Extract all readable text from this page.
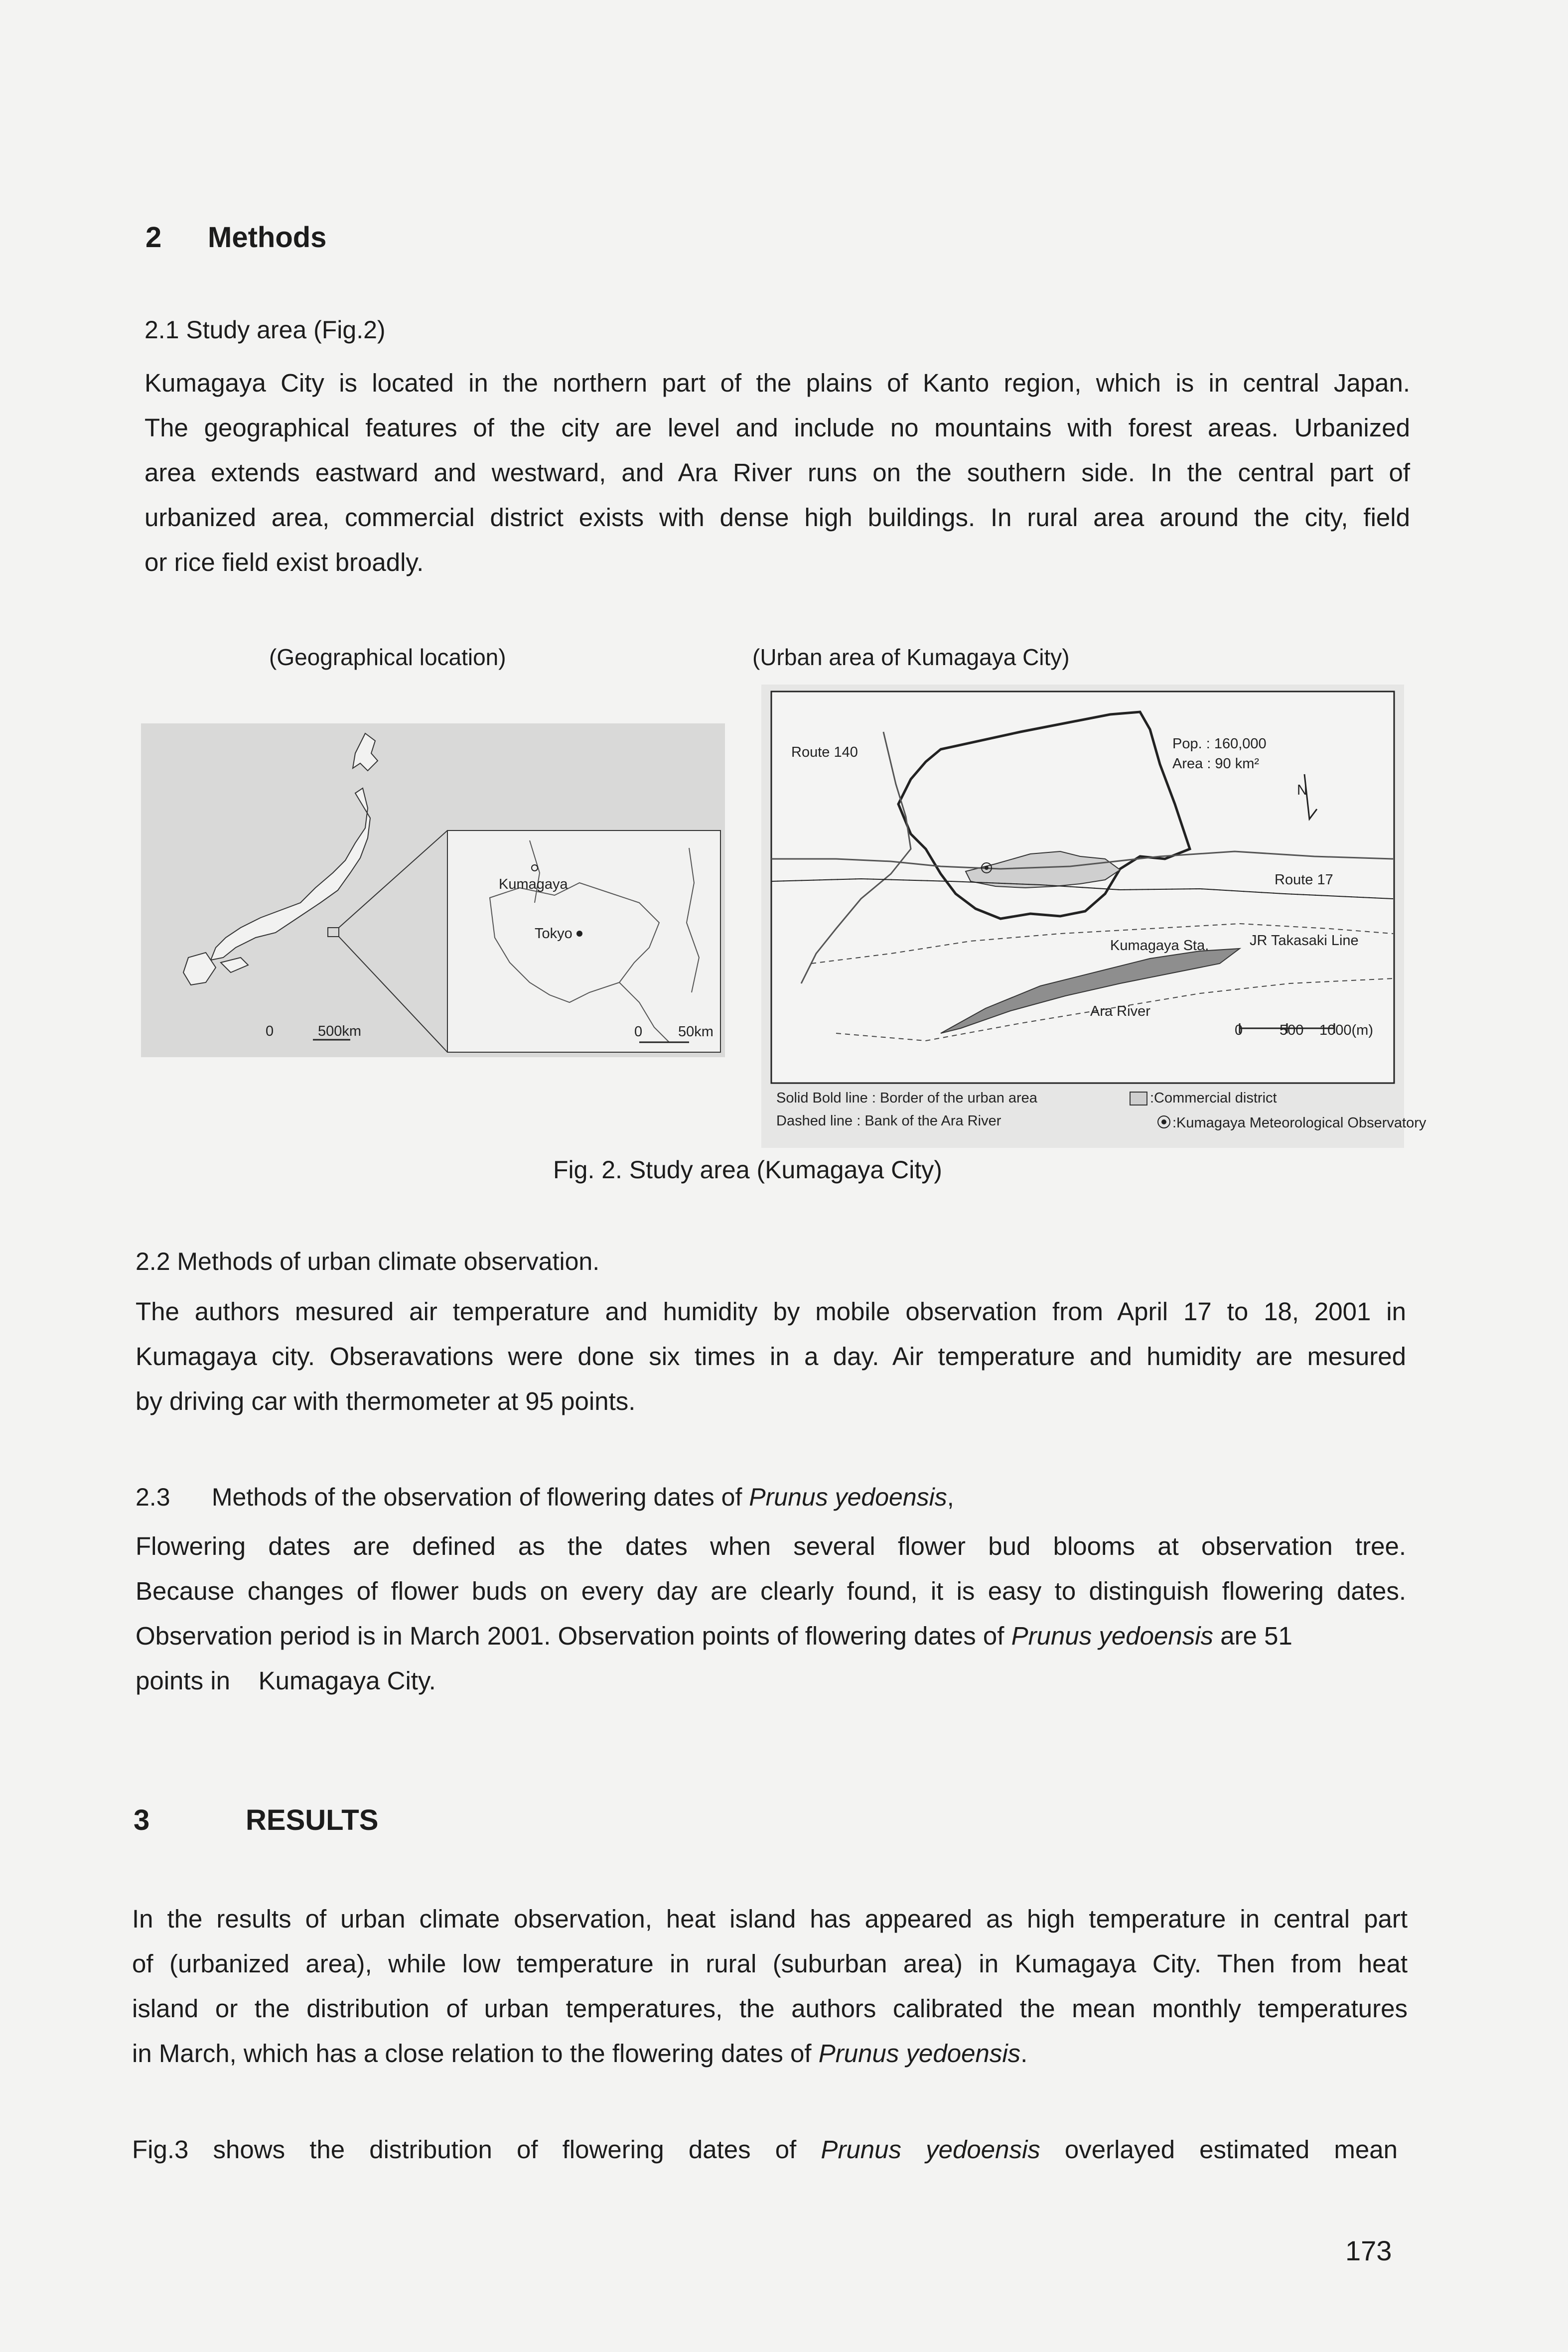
2 Methods
2.1 Study area (Fig.2)
Kumagaya City is located in the northern part of the plains of Kanto region, which is in central Japan.
The geographical features of the city are level and include no mountains with forest areas. Urbanized
area extends eastward and westward, and Ara River runs on the southern side. In the central part of
urbanized area, commercial district exists with dense high buildings. In rural area around the city, field
or rice field exist broadly.
(Geographical location)	(Urban area of Kumagaya City)
0	500km
Kumagaya
Tokyo
0 50km
Route 140
Pop. : 160,000
Area : 90 km²
N
Route 17
Kumagaya Sta.	JR Takasaki Line
Ara River
0	500 1000(m)
Solid Bold line : Border of the urban area
Dashed line : Bank of the Ara River
:Commercial district
:Kumagaya Meteorological Observatory
Fig. 2. Study area (Kumagaya City)
2.2 Methods of urban climate observation.
The authors mesured air temperature and humidity by mobile observation from April 17 to 18, 2001 in
Kumagaya city. Obseravations were done six times in a day. Air temperature and humidity are mesured
by driving car with thermometer at 95 points.
2.3      Methods of the observation of flowering dates of Prunus yedoensis,
Flowering dates are defined as the dates when several flower bud blooms at observation tree.
Because changes of flower buds on every day are clearly found, it is easy to distinguish flowering dates.
Observation period is in March 2001. Observation points of flowering dates of Prunus yedoensis are 51
points in    Kumagaya City.
3	RESULTS
In the results of urban climate observation, heat island has appeared as high temperature in central part
of (urbanized area), while low temperature in rural (suburban area) in Kumagaya City. Then from heat
island or the distribution of urban temperatures, the authors calibrated the mean monthly temperatures
in March, which has a close relation to the flowering dates of Prunus yedoensis.
Fig.3 shows the distribution of flowering dates of Prunus yedoensis overlayed estimated mean
173
